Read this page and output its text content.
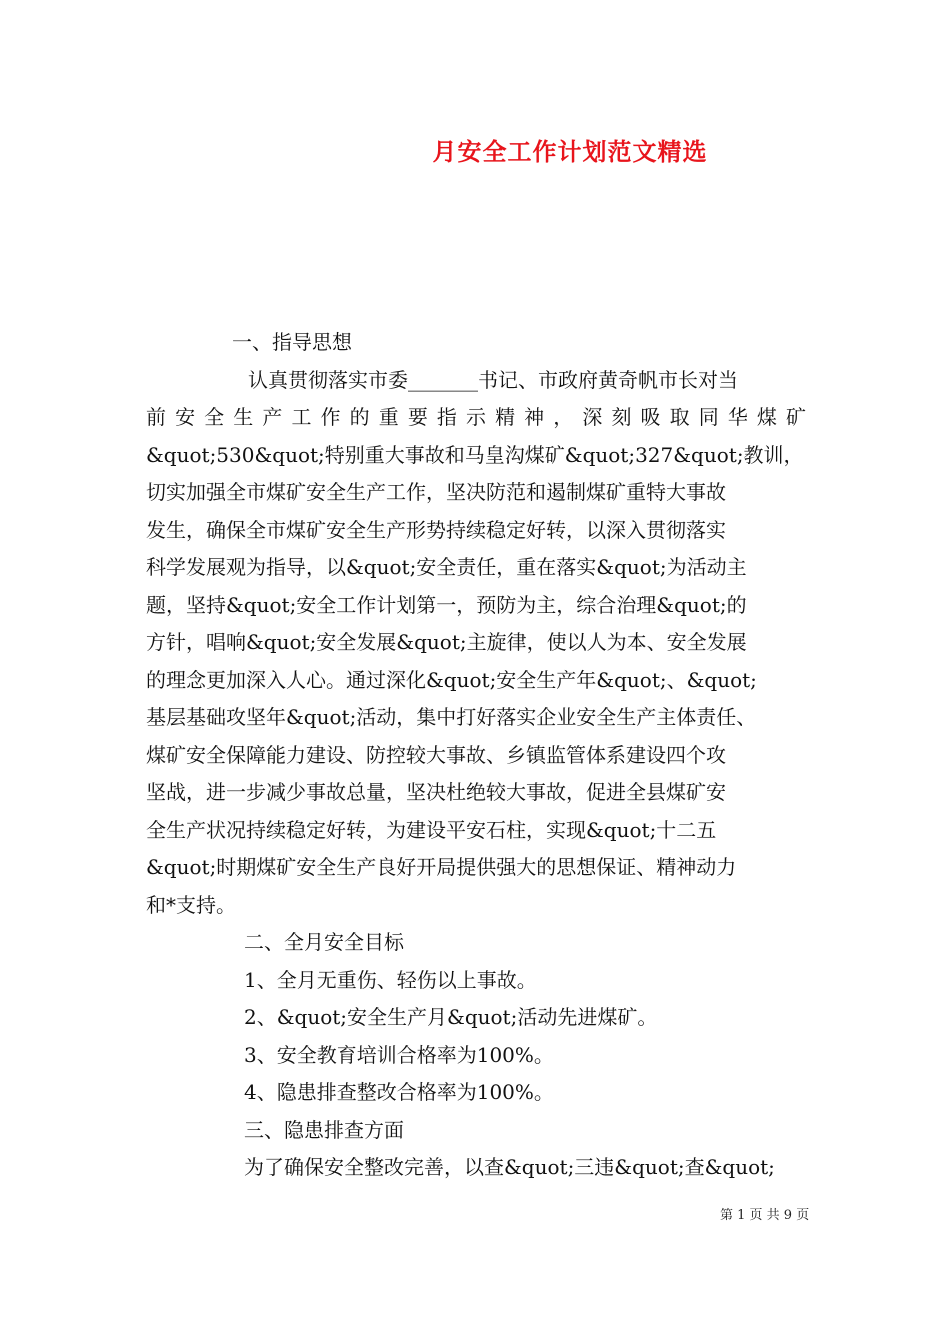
月安全工作计划范文精选
一、指导思想
认真贯彻落实市委_______书记、市政府黄奇帆市长对当
前安全生产工作的重要指示精神，深刻吸取同华煤矿
&quot;530&quot;特别重大事故和马皇沟煤矿&quot;327&quot;教训，
切实加强全市煤矿安全生产工作，坚决防范和遏制煤矿重特大事故
发生，确保全市煤矿安全生产形势持续稳定好转，以深入贯彻落实
科学发展观为指导，以&quot;安全责任，重在落实&quot;为活动主
题，坚持&quot;安全工作计划第一，预防为主，综合治理&quot;的
方针，唱响&quot;安全发展&quot;主旋律，使以人为本、安全发展
的理念更加深入人心。通过深化&quot;安全生产年&quot;、&quot;
基层基础攻坚年&quot;活动，集中打好落实企业安全生产主体责任、
煤矿安全保障能力建设、防控较大事故、乡镇监管体系建设四个攻
坚战，进一步减少事故总量，坚决杜绝较大事故，促进全县煤矿安
全生产状况持续稳定好转，为建设平安石柱，实现&quot;十二五
&quot;时期煤矿安全生产良好开局提供强大的思想保证、精神动力
和*支持。
二、全月安全目标
1、全月无重伤、轻伤以上事故。
2、&quot;安全生产月&quot;活动先进煤矿。
3、安全教育培训合格率为100%。
4、隐患排查整改合格率为100%。
三、隐患排查方面
为了确保安全整改完善，以查&quot;三违&quot;查&quot;
第 1 页 共 9 页
